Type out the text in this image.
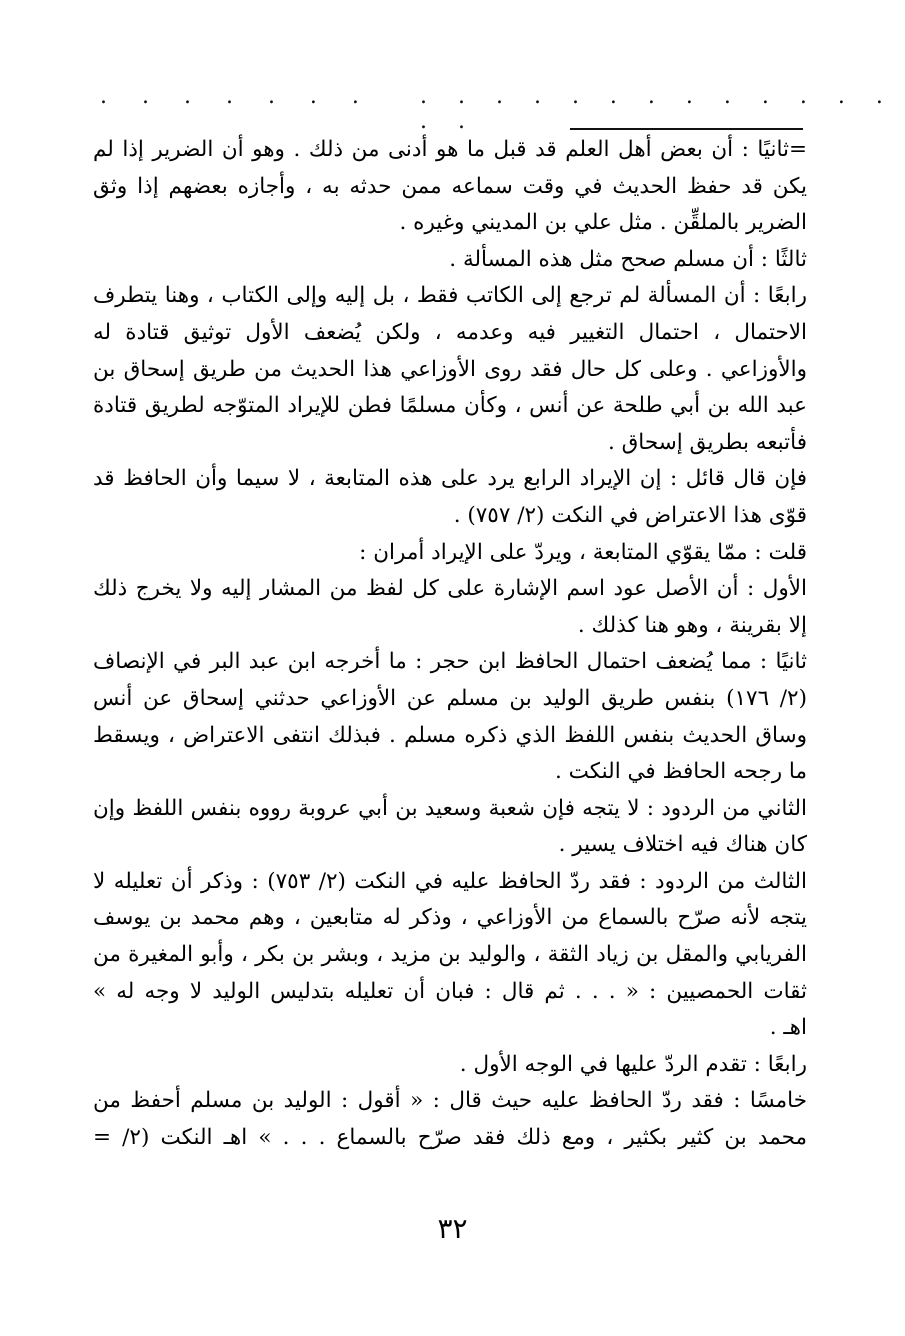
. . . . . . . . . . . . . . . . . . . . . .
=ثانيًا : أن بعض أهل العلم قد قبل ما هو أدنى من ذلك . وهو أن الضرير إذا لم
يكن قد حفظ الحديث في وقت سماعه ممن حدثه به ، وأجازه بعضهم إذا وثق
الضرير بالملقِّن . مثل علي بن المديني وغيره .
ثالثًا : أن مسلم صحح مثل هذه المسألة .
رابعًا : أن المسألة لم ترجع إلى الكاتب فقط ، بل إليه وإلى الكتاب ، وهنا يتطرف
الاحتمال ، احتمال التغيير فيه وعدمه ، ولكن يُضعف الأول توثيق قتادة له
والأوزاعي . وعلى كل حال فقد روى الأوزاعي هذا الحديث من طريق إسحاق بن
عبد الله بن أبي طلحة عن أنس ، وكأن مسلمًا فطن للإيراد المتوّجه لطريق قتادة
فأتبعه بطريق إسحاق .
فإن قال قائل : إن الإيراد الرابع يرد على هذه المتابعة ، لا سيما وأن الحافظ قد
قوّى هذا الاعتراض في النكت (٢/ ٧٥٧) .
قلت : ممّا يقوّي المتابعة ، ويردّ على الإيراد أمران :
الأول : أن الأصل عود اسم الإشارة على كل لفظ من المشار إليه ولا يخرج ذلك
إلا بقرينة ، وهو هنا كذلك .
ثانيًا : مما يُضعف احتمال الحافظ ابن حجر : ما أخرجه ابن عبد البر في الإنصاف
(٢/ ١٧٦) بنفس طريق الوليد بن مسلم عن الأوزاعي حدثني إسحاق عن أنس
وساق الحديث بنفس اللفظ الذي ذكره مسلم . فبذلك انتفى الاعتراض ، ويسقط
ما رجحه الحافظ في النكت .
الثاني من الردود : لا يتجه فإن شعبة وسعيد بن أبي عروبة رووه بنفس اللفظ وإن
كان هناك فيه اختلاف يسير .
الثالث من الردود : فقد ردّ الحافظ عليه في النكت (٢/ ٧٥٣) : وذكر أن تعليله لا
يتجه لأنه صرّح بالسماع من الأوزاعي ، وذكر له متابعين ، وهم محمد بن يوسف
الفريابي والمقل بن زياد الثقة ، والوليد بن مزيد ، وبشر بن بكر ، وأبو المغيرة من
ثقات الحمصيين : « . . . ثم قال : فبان أن تعليله بتدليس الوليد لا وجه له »
اهـ .
رابعًا : تقدم الردّ عليها في الوجه الأول .
خامسًا : فقد ردّ الحافظ عليه حيث قال : « أقول : الوليد بن مسلم أحفظ من
محمد بن كثير بكثير ، ومع ذلك فقد صرّح بالسماع . . . » اهـ النكت (٢/ =
٣٢
